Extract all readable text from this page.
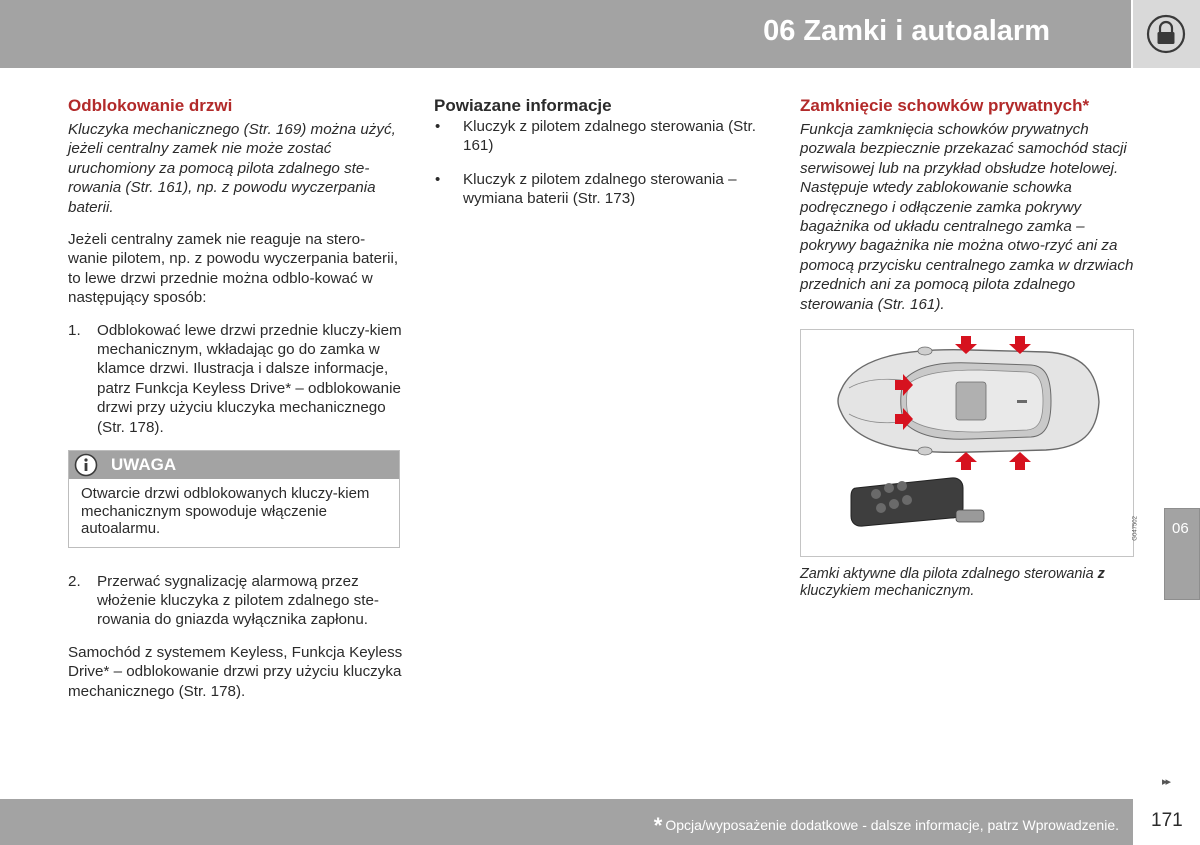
06 Zamki i autoalarm
Odblokowanie drzwi

Kluczyka mechanicznego (Str. 169) można użyć, jeżeli centralny zamek nie może zostać uruchomiony za pomocą pilota zdalnego ste-rowania (Str. 161), np. z powodu wyczerpania baterii.

Jeżeli centralny zamek nie reaguje na stero-wanie pilotem, np. z powodu wyczerpania baterii, to lewe drzwi przednie można odblo-kować w następujący sposób:

1. Odblokować lewe drzwi przednie kluczy-kiem mechanicznym, wkładając go do zamka w klamce drzwi. Ilustracja i dalsze informacje, patrz Funkcja Keyless Drive* – odblokowanie drzwi przy użyciu kluczyka mechanicznego (Str. 178).
UWAGA
Otwarcie drzwi odblokowanych kluczy-kiem mechanicznym spowoduje włączenie autoalarmu.
2. Przerwać sygnalizację alarmową przez włożenie kluczyka z pilotem zdalnego ste-rowania do gniazda wyłącznika zapłonu.

Samochód z systemem Keyless, Funkcja Keyless Drive* – odblokowanie drzwi przy użyciu kluczyka mechanicznego (Str. 178).

Powiazane informacje
• Kluczyk z pilotem zdalnego sterowania (Str. 161)
• Kluczyk z pilotem zdalnego sterowania – wymiana baterii (Str. 173)
Zamknięcie schowków prywatnych*

Funkcja zamknięcia schowków prywatnych pozwala bezpiecznie przekazać samochód stacji serwisowej lub na przykład obsłudze hotelowej. Następuje wtedy zablokowanie schowka podręcznego i odłączenie zamka pokrywy bagażnika od układu centralnego zamka – pokrywy bagażnika nie można otwo-rzyć ani za pomocą przycisku centralnego zamka w drzwiach przednich ani za pomocą pilota zdalnego sterowania (Str. 161).

G047502
Zamki aktywne dla pilota zdalnego sterowania z kluczykiem mechanicznym.
06
▸▸
* Opcja/wyposażenie dodatkowe - dalsze informacje, patrz Wprowadzenie. 171
